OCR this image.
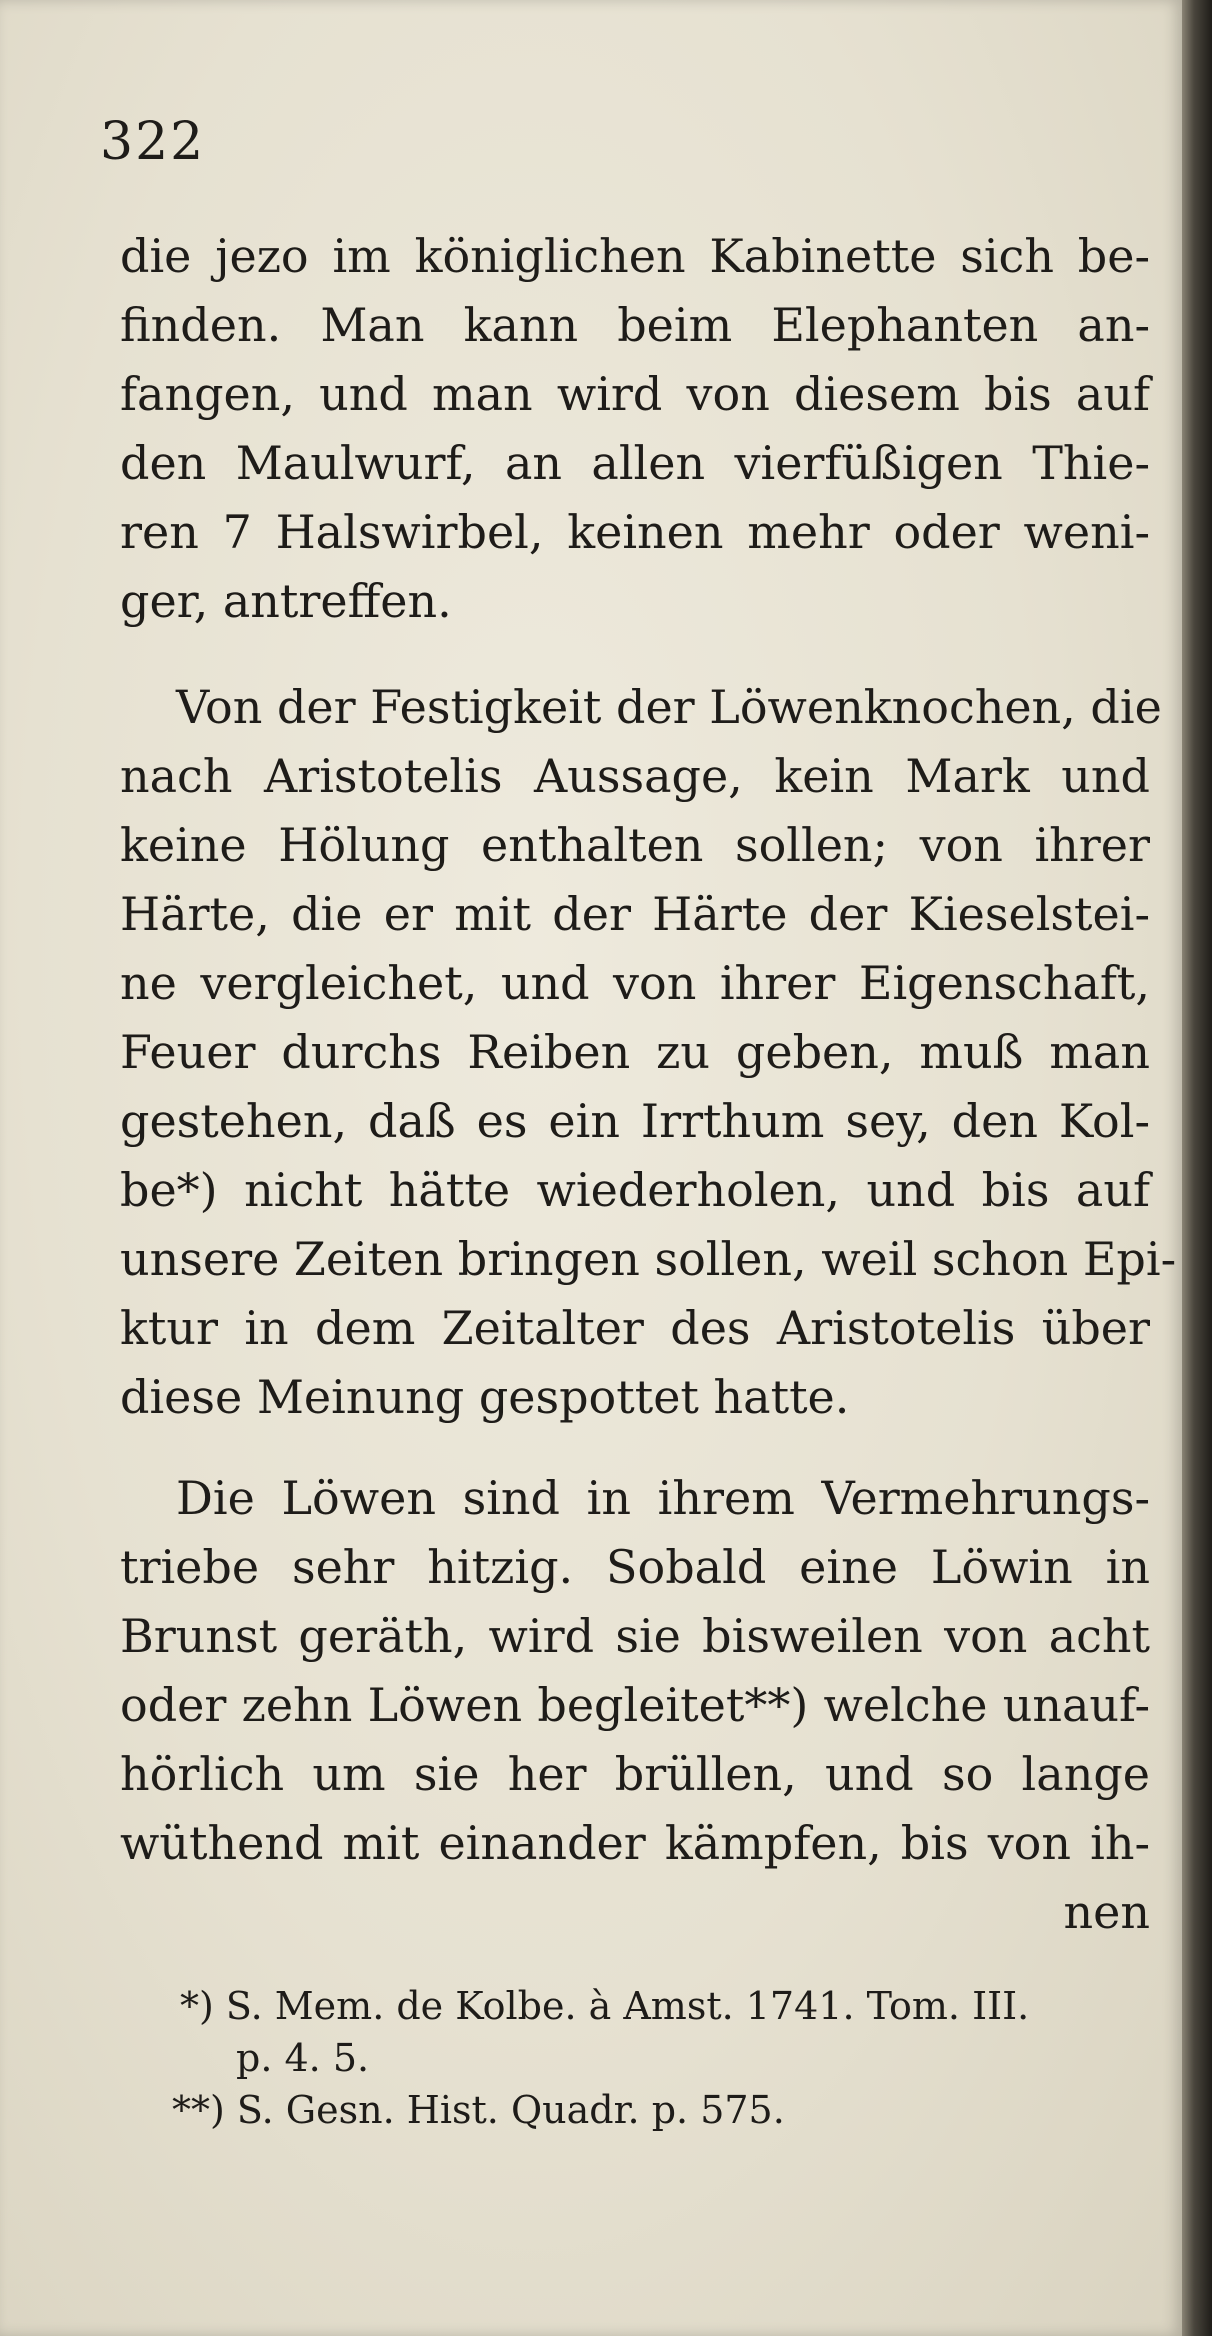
322
die jezo im königlichen Kabinette sich be-
finden. Man kann beim Elephanten an-
fangen, und man wird von diesem bis auf
den Maulwurf, an allen vierfüßigen Thie-
ren 7 Halswirbel, keinen mehr oder weni-
ger, antreffen.
Von der Festigkeit der Löwenknochen, die
nach Aristotelis Aussage, kein Mark und
keine Hölung enthalten sollen; von ihrer
Härte, die er mit der Härte der Kieselstei-
ne vergleichet, und von ihrer Eigenschaft,
Feuer durchs Reiben zu geben, muß man
gestehen, daß es ein Irrthum sey, den Kol-
be*) nicht hätte wiederholen, und bis auf
unsere Zeiten bringen sollen, weil schon Epi-
ktur in dem Zeitalter des Aristotelis über
diese Meinung gespottet hatte.
Die Löwen sind in ihrem Vermehrungs-
triebe sehr hitzig. Sobald eine Löwin in
Brunst geräth, wird sie bisweilen von acht
oder zehn Löwen begleitet**) welche unauf-
hörlich um sie her brüllen, und so lange
wüthend mit einander kämpfen, bis von ih-
nen
*) S. Mem. de Kolbe. à Amst. 1741. Tom. III.
p. 4. 5.
**) S. Gesn. Hist. Quadr. p. 575.
